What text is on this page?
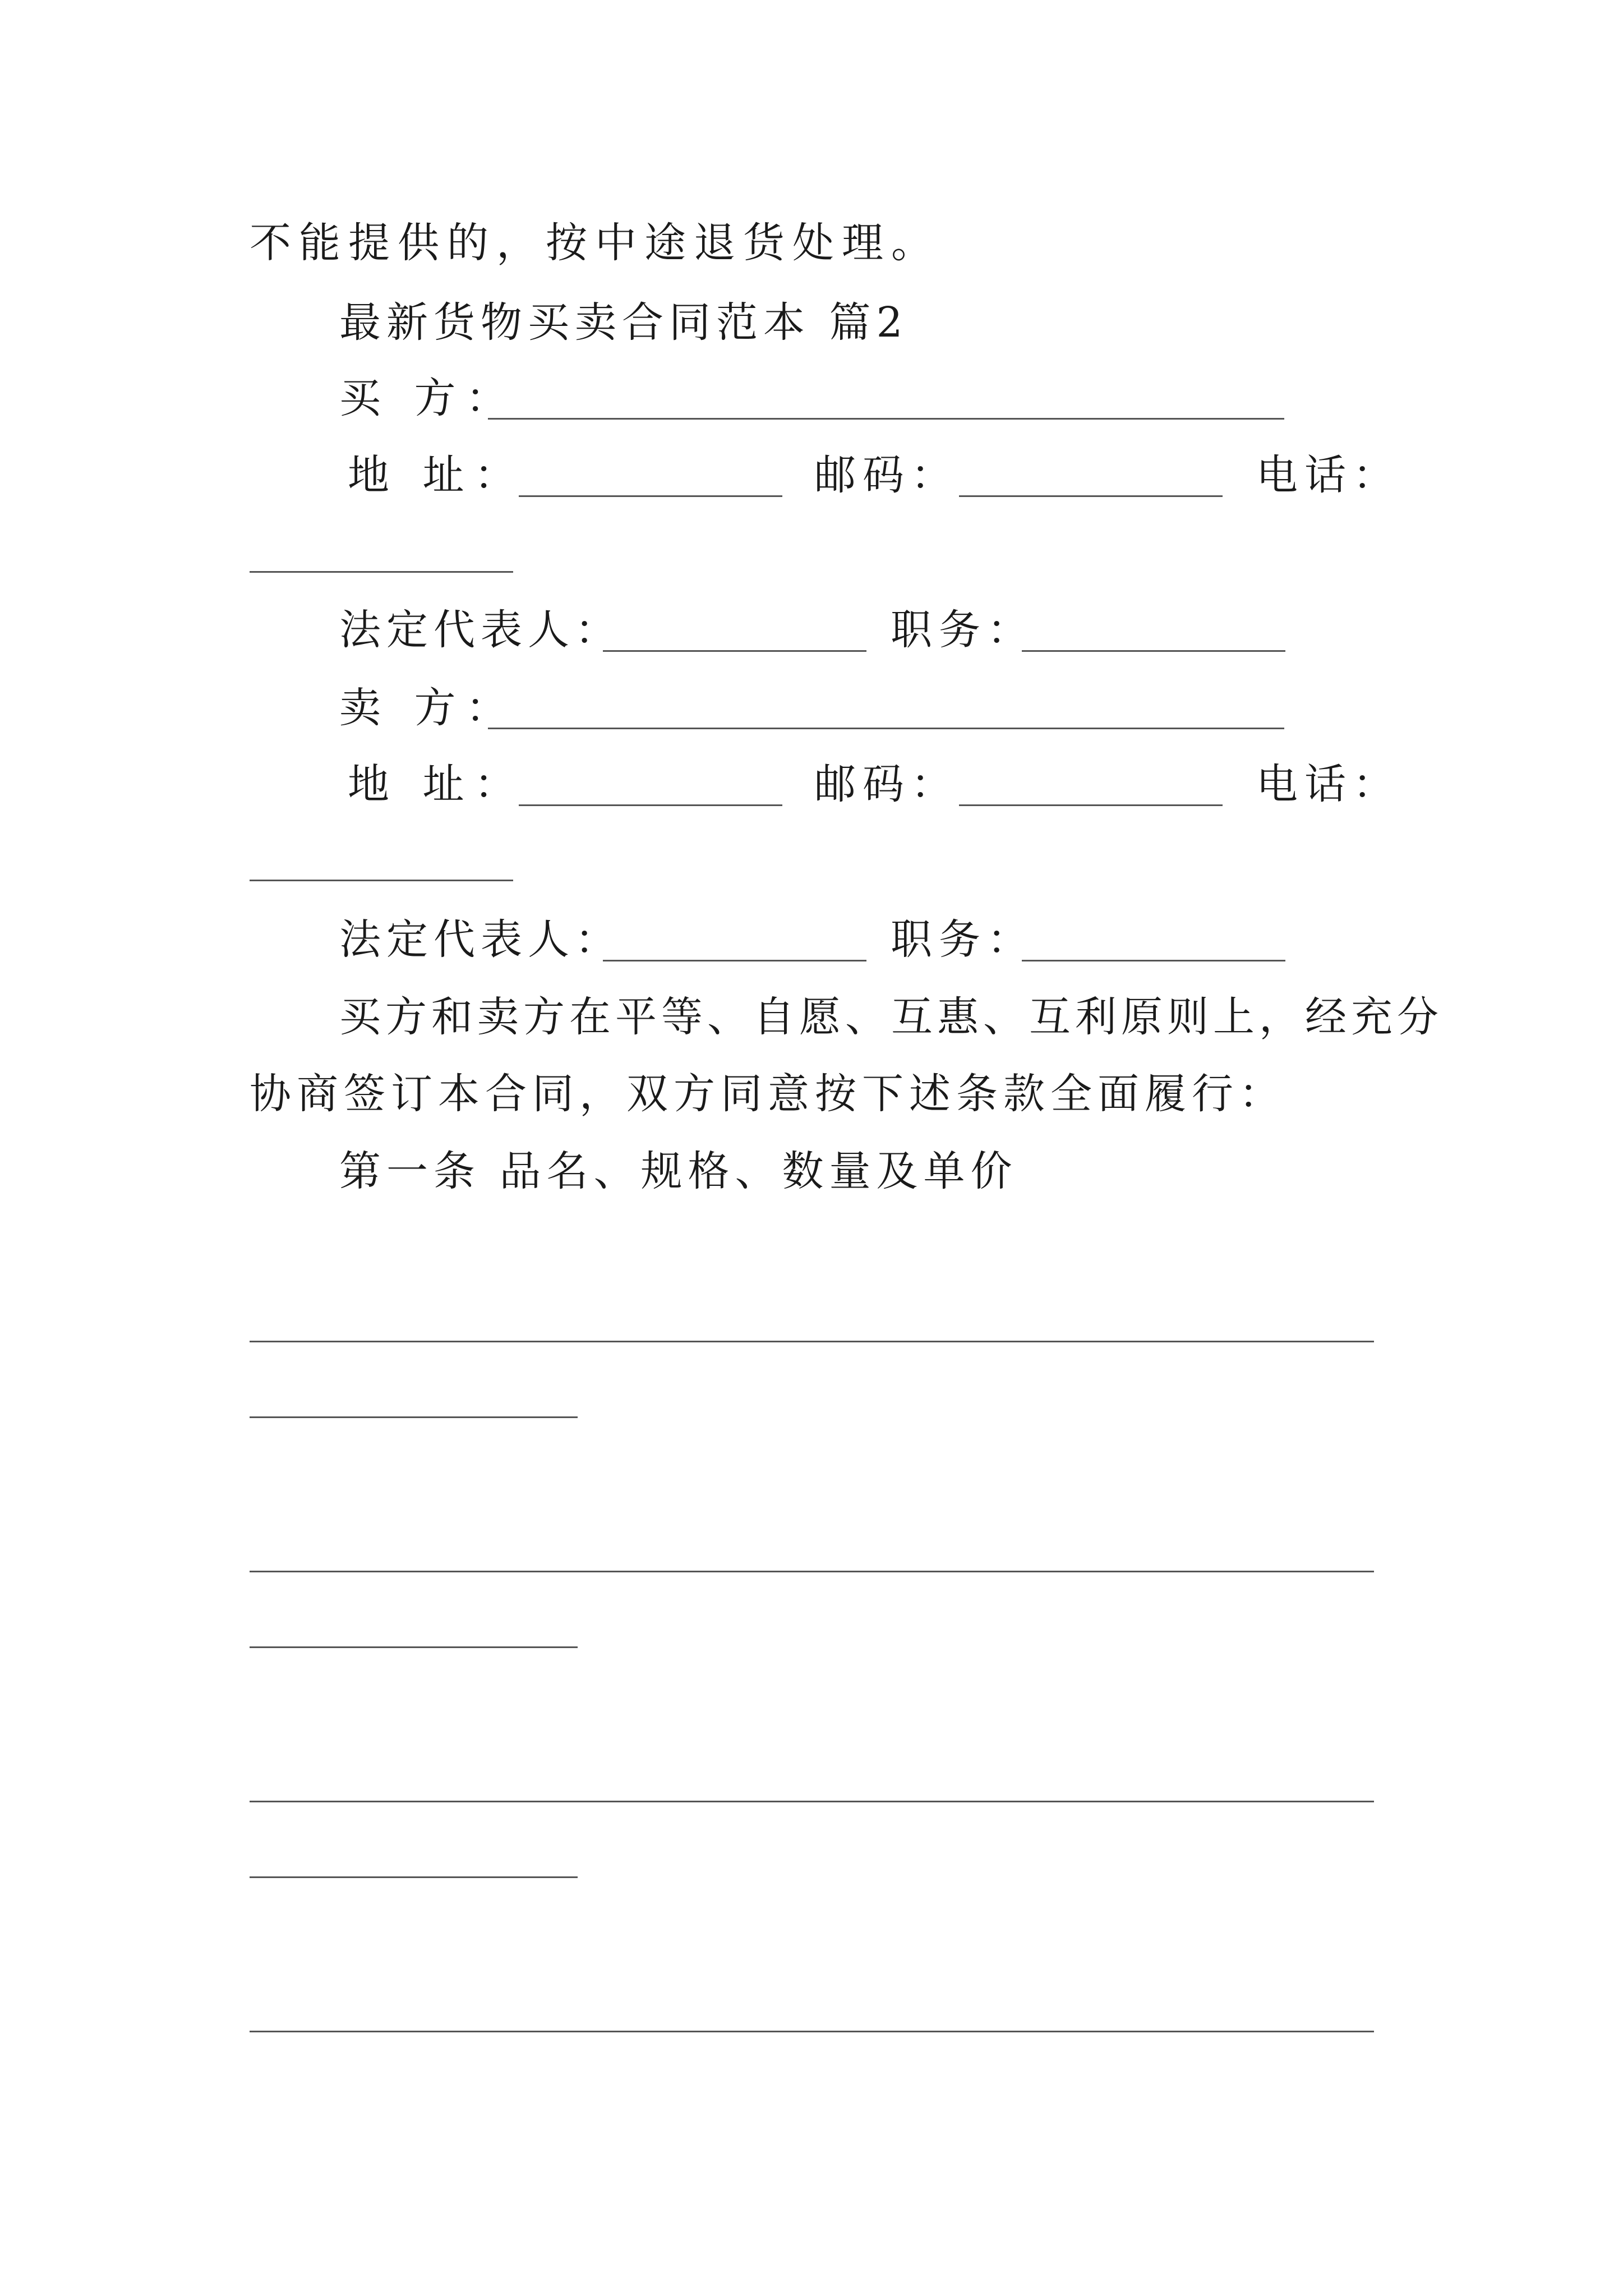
不能提供的，按中途退货处理。
最新货物买卖合同范本 篇2
买 方：
地 址：	邮码：	电话：
法定代表人：	职务：
卖 方：
地 址：	邮码：	电话：
法定代表人：	职务：
买方和卖方在平等、自愿、互惠、互利原则上，经充分
协商签订本合同，双方同意按下述条款全面履行：
第一条 品名、规格、数量及单价
